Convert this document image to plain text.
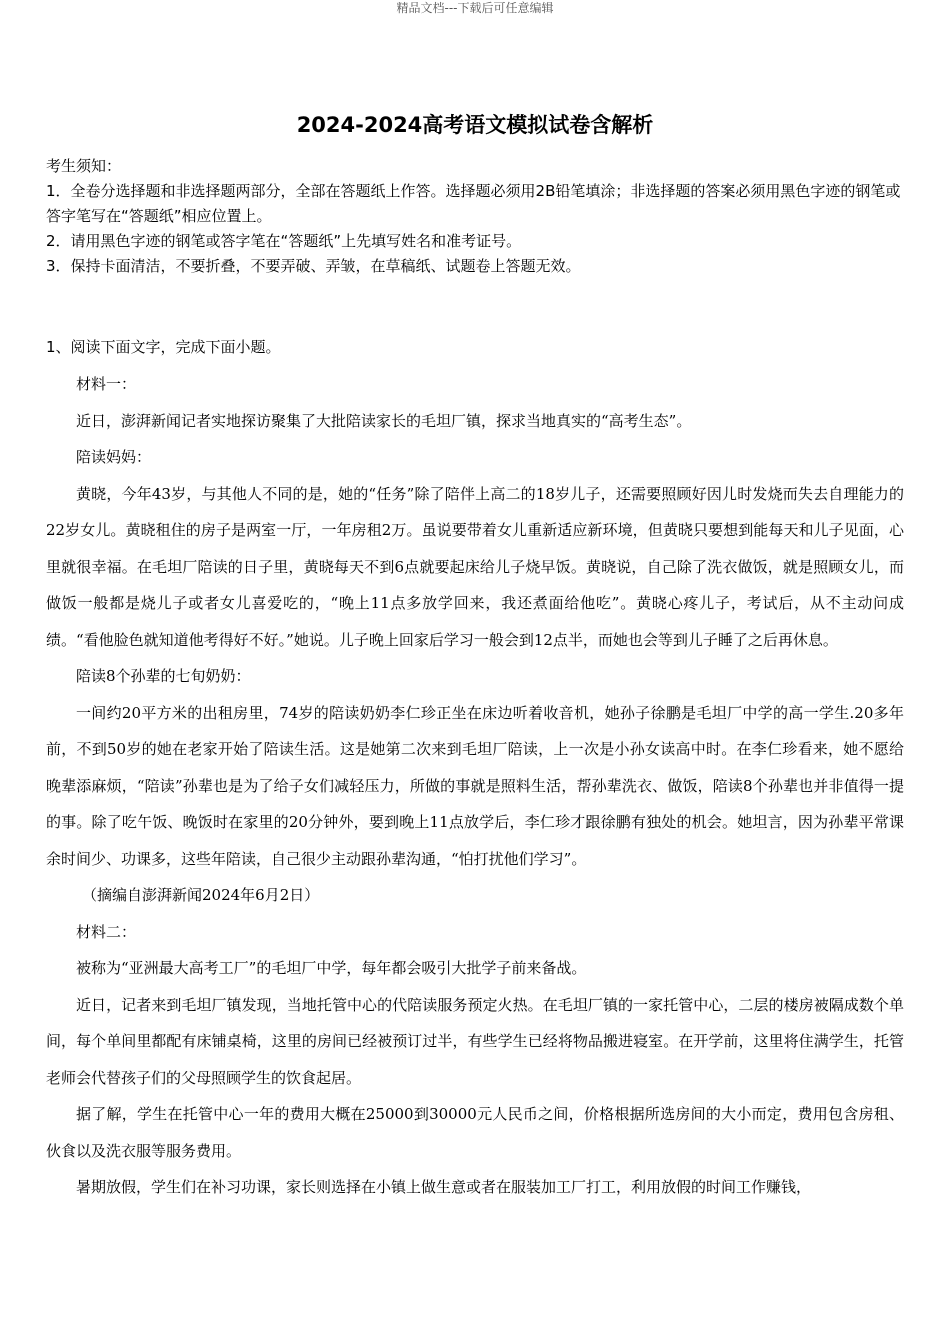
精品文档---下载后可任意编辑
2024-2024高考语文模拟试卷含解析

考生须知：

1．全卷分选择题和非选择题两部分，全部在答题纸上作答。选择题必须用2B铅笔填涂；非选择题的答案必须用黑色字迹的钢笔或答字笔写在“答题纸”相应位置上。

2．请用黑色字迹的钢笔或答字笔在“答题纸”上先填写姓名和准考证号。

3．保持卡面清洁，不要折叠，不要弄破、弄皱，在草稿纸、试题卷上答题无效。

1、阅读下面文字，完成下面小题。

材料一：

近日，澎湃新闻记者实地探访聚集了大批陪读家长的毛坦厂镇，探求当地真实的“高考生态”。

陪读妈妈：

黄晓，今年43岁，与其他人不同的是，她的“任务”除了陪伴上高二的18岁儿子，还需要照顾好因儿时发烧而失去自理能力的22岁女儿。黄晓租住的房子是两室一厅，一年房租2万。虽说要带着女儿重新适应新环境，但黄晓只要想到能每天和儿子见面，心里就很幸福。在毛坦厂陪读的日子里，黄晓每天不到6点就要起床给儿子烧早饭。黄晓说，自己除了洗衣做饭，就是照顾女儿，而做饭一般都是烧儿子或者女儿喜爱吃的，“晚上11点多放学回来，我还煮面给他吃”。黄晓心疼儿子，考试后，从不主动问成绩。“看他脸色就知道他考得好不好。”她说。儿子晚上回家后学习一般会到12点半，而她也会等到儿子睡了之后再休息。

陪读8个孙辈的七旬奶奶：

一间约20平方米的出租房里，74岁的陪读奶奶李仁珍正坐在床边听着收音机，她孙子徐鹏是毛坦厂中学的高一学生.20多年前，不到50岁的她在老家开始了陪读生活。这是她第二次来到毛坦厂陪读，上一次是小孙女读高中时。在李仁珍看来，她不愿给晚辈添麻烦，“陪读”孙辈也是为了给子女们减轻压力，所做的事就是照料生活，帮孙辈洗衣、做饭，陪读8个孙辈也并非值得一提的事。除了吃午饭、晚饭时在家里的20分钟外，要到晚上11点放学后，李仁珍才跟徐鹏有独处的机会。她坦言，因为孙辈平常课余时间少、功课多，这些年陪读，自己很少主动跟孙辈沟通，“怕打扰他们学习”。

（摘编自澎湃新闻2024年6月2日）

材料二：

被称为“亚洲最大高考工厂”的毛坦厂中学，每年都会吸引大批学子前来备战。

近日，记者来到毛坦厂镇发现，当地托管中心的代陪读服务预定火热。在毛坦厂镇的一家托管中心，二层的楼房被隔成数个单间，每个单间里都配有床铺桌椅，这里的房间已经被预订过半，有些学生已经将物品搬进寝室。在开学前，这里将住满学生，托管老师会代替孩子们的父母照顾学生的饮食起居。

据了解，学生在托管中心一年的费用大概在25000到30000元人民币之间，价格根据所选房间的大小而定，费用包含房租、伙食以及洗衣服等服务费用。

暑期放假，学生们在补习功课，家长则选择在小镇上做生意或者在服装加工厂打工，利用放假的时间工作赚钱，
